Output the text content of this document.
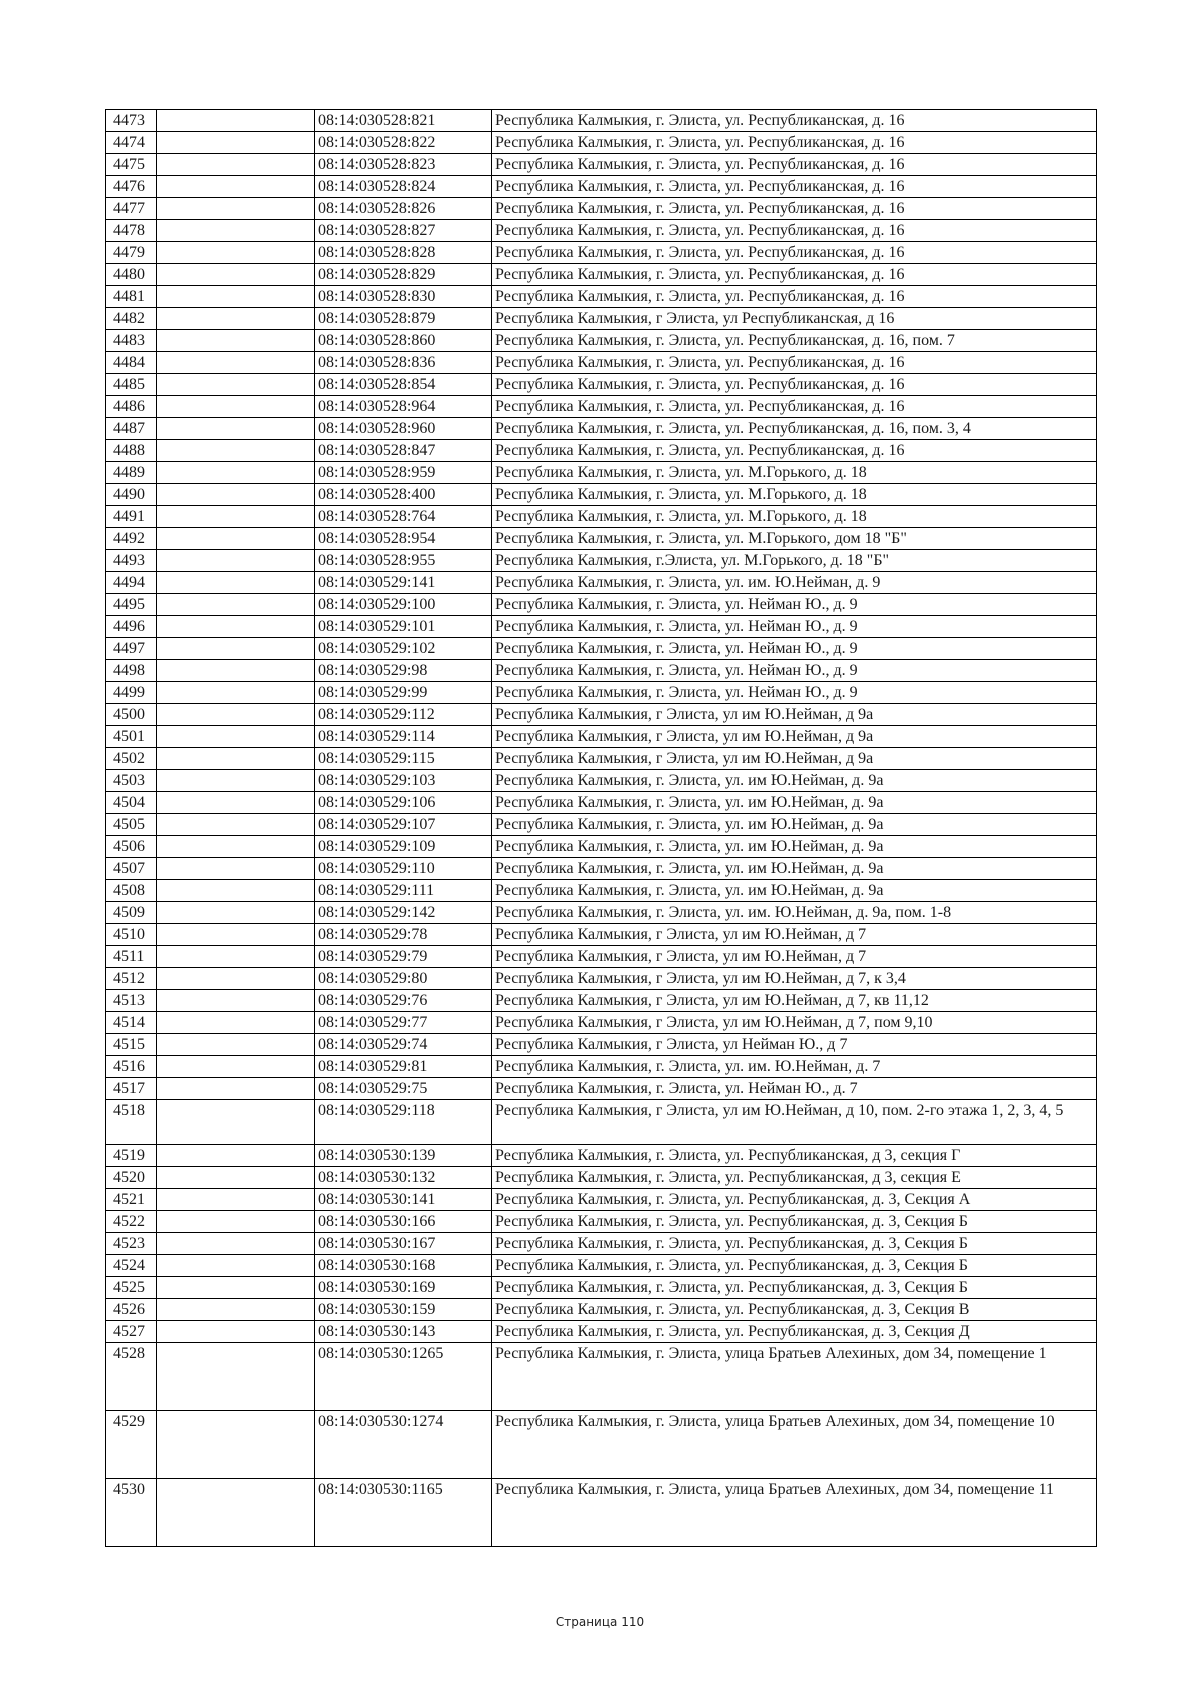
4473		08:14:030528:821	Республика Калмыкия, г. Элиста, ул. Республиканская, д. 16
4474		08:14:030528:822	Республика Калмыкия, г. Элиста, ул. Республиканская, д. 16
4475		08:14:030528:823	Республика Калмыкия, г. Элиста, ул. Республиканская, д. 16
4476		08:14:030528:824	Республика Калмыкия, г. Элиста, ул. Республиканская, д. 16
4477		08:14:030528:826	Республика Калмыкия, г. Элиста, ул. Республиканская, д. 16
4478		08:14:030528:827	Республика Калмыкия, г. Элиста, ул. Республиканская, д. 16
4479		08:14:030528:828	Республика Калмыкия, г. Элиста, ул. Республиканская, д. 16
4480		08:14:030528:829	Республика Калмыкия, г. Элиста, ул. Республиканская, д. 16
4481		08:14:030528:830	Республика Калмыкия, г. Элиста, ул. Республиканская, д. 16
4482		08:14:030528:879	Республика Калмыкия, г Элиста, ул Республиканская, д 16
4483		08:14:030528:860	Республика Калмыкия, г. Элиста, ул. Республиканская, д. 16, пом. 7
4484		08:14:030528:836	Республика Калмыкия, г. Элиста, ул. Республиканская, д. 16
4485		08:14:030528:854	Республика Калмыкия, г. Элиста, ул. Республиканская, д. 16
4486		08:14:030528:964	Республика Калмыкия, г. Элиста, ул. Республиканская, д. 16
4487		08:14:030528:960	Республика Калмыкия, г. Элиста, ул. Республиканская, д. 16, пом. 3, 4
4488		08:14:030528:847	Республика Калмыкия, г. Элиста, ул. Республиканская, д. 16
4489		08:14:030528:959	Республика Калмыкия, г. Элиста, ул. М.Горького, д. 18
4490		08:14:030528:400	Республика Калмыкия, г. Элиста, ул. М.Горького, д. 18
4491		08:14:030528:764	Республика Калмыкия, г. Элиста, ул. М.Горького, д. 18
4492		08:14:030528:954	Республика Калмыкия, г. Элиста, ул. М.Горького, дом 18 "Б"
4493		08:14:030528:955	Республика Калмыкия, г.Элиста, ул. М.Горького, д. 18 "Б"
4494		08:14:030529:141	Республика Калмыкия, г. Элиста, ул. им. Ю.Нейман, д. 9
4495		08:14:030529:100	Республика Калмыкия, г. Элиста, ул. Нейман Ю., д. 9
4496		08:14:030529:101	Республика Калмыкия, г. Элиста, ул. Нейман Ю., д. 9
4497		08:14:030529:102	Республика Калмыкия, г. Элиста, ул. Нейман Ю., д. 9
4498		08:14:030529:98	Республика Калмыкия, г. Элиста, ул. Нейман Ю., д. 9
4499		08:14:030529:99	Республика Калмыкия, г. Элиста, ул. Нейман Ю., д. 9
4500		08:14:030529:112	Республика Калмыкия, г Элиста, ул им Ю.Нейман, д 9а
4501		08:14:030529:114	Республика Калмыкия, г Элиста, ул им Ю.Нейман, д 9а
4502		08:14:030529:115	Республика Калмыкия, г Элиста, ул им Ю.Нейман, д 9а
4503		08:14:030529:103	Республика Калмыкия, г. Элиста, ул. им Ю.Нейман, д. 9а
4504		08:14:030529:106	Республика Калмыкия, г. Элиста, ул. им Ю.Нейман, д. 9а
4505		08:14:030529:107	Республика Калмыкия, г. Элиста, ул. им Ю.Нейман, д. 9а
4506		08:14:030529:109	Республика Калмыкия, г. Элиста, ул. им Ю.Нейман, д. 9а
4507		08:14:030529:110	Республика Калмыкия, г. Элиста, ул. им Ю.Нейман, д. 9а
4508		08:14:030529:111	Республика Калмыкия, г. Элиста, ул. им Ю.Нейман, д. 9а
4509		08:14:030529:142	Республика Калмыкия, г. Элиста, ул. им. Ю.Нейман, д. 9а, пом. 1-8
4510		08:14:030529:78	Республика Калмыкия, г Элиста, ул им Ю.Нейман, д 7
4511		08:14:030529:79	Республика Калмыкия, г Элиста, ул им Ю.Нейман, д 7
4512		08:14:030529:80	Республика Калмыкия, г Элиста, ул им Ю.Нейман, д 7, к 3,4
4513		08:14:030529:76	Республика Калмыкия, г Элиста, ул им Ю.Нейман, д 7, кв 11,12
4514		08:14:030529:77	Республика Калмыкия, г Элиста, ул им Ю.Нейман, д 7, пом 9,10
4515		08:14:030529:74	Республика Калмыкия, г Элиста, ул Нейман Ю., д 7
4516		08:14:030529:81	Республика Калмыкия, г. Элиста, ул. им. Ю.Нейман, д. 7
4517		08:14:030529:75	Республика Калмыкия, г. Элиста, ул. Нейман Ю., д. 7
4518		08:14:030529:118	Республика Калмыкия, г Элиста, ул им Ю.Нейман, д 10, пом. 2-го этажа 1, 2, 3, 4, 5
4519		08:14:030530:139	Республика Калмыкия, г. Элиста, ул. Республиканская, д 3, секция Г
4520		08:14:030530:132	Республика Калмыкия, г. Элиста, ул. Республиканская, д 3, секция Е
4521		08:14:030530:141	Республика Калмыкия, г. Элиста, ул. Республиканская, д. 3, Секция А
4522		08:14:030530:166	Республика Калмыкия, г. Элиста, ул. Республиканская, д. 3, Секция Б
4523		08:14:030530:167	Республика Калмыкия, г. Элиста, ул. Республиканская, д. 3, Секция Б
4524		08:14:030530:168	Республика Калмыкия, г. Элиста, ул. Республиканская, д. 3, Секция Б
4525		08:14:030530:169	Республика Калмыкия, г. Элиста, ул. Республиканская, д. 3, Секция Б
4526		08:14:030530:159	Республика Калмыкия, г. Элиста, ул. Республиканская, д. 3, Секция В
4527		08:14:030530:143	Республика Калмыкия, г. Элиста, ул. Республиканская, д. 3, Секция Д
4528		08:14:030530:1265	Республика Калмыкия, г. Элиста, улица Братьев Алехиных, дом 34, помещение 1
4529		08:14:030530:1274	Республика Калмыкия, г. Элиста, улица Братьев Алехиных, дом 34, помещение 10
4530		08:14:030530:1165	Республика Калмыкия, г. Элиста, улица Братьев Алехиных, дом 34, помещение 11
Страница 110
